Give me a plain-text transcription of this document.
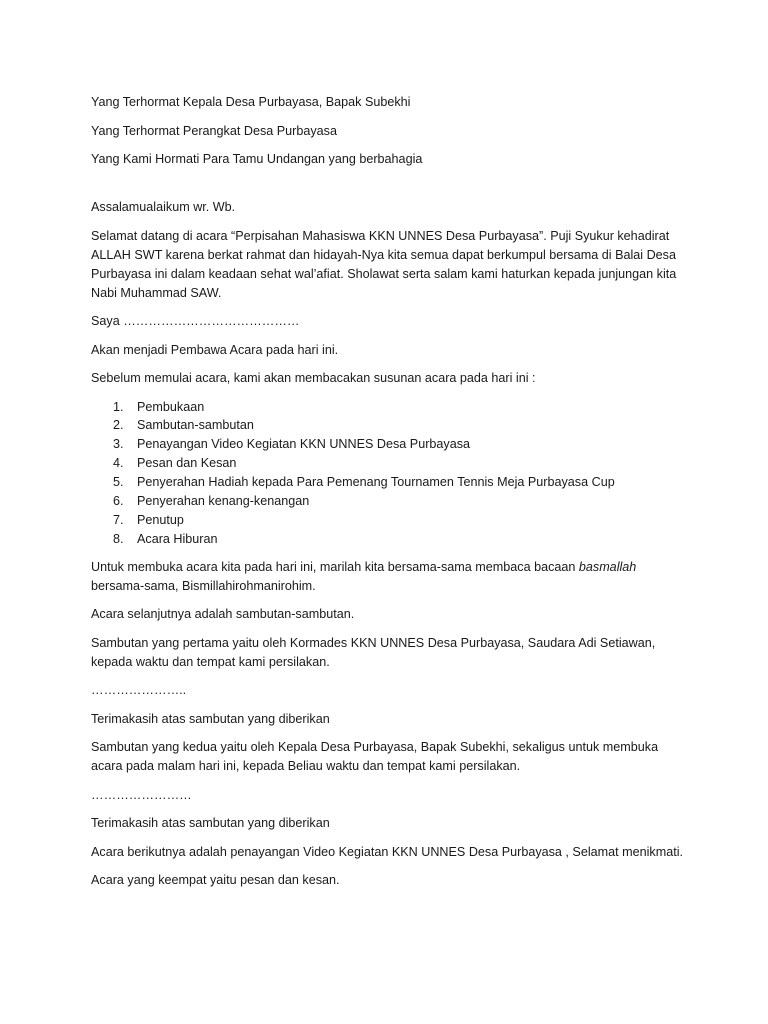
Yang Terhormat Kepala Desa Purbayasa, Bapak Subekhi

Yang Terhormat Perangkat Desa Purbayasa

Yang Kami Hormati Para Tamu Undangan yang berbahagia

Assalamualaikum wr. Wb.

Selamat datang di acara “Perpisahan Mahasiswa KKN UNNES Desa Purbayasa”. Puji Syukur kehadirat ALLAH SWT karena berkat rahmat dan hidayah-Nya kita semua dapat berkumpul bersama di Balai Desa Purbayasa ini dalam keadaan sehat wal’afiat. Sholawat serta salam kami haturkan kepada junjungan kita Nabi Muhammad SAW.

Saya ……………………………………

Akan menjadi Pembawa Acara pada hari ini.

Sebelum memulai acara, kami akan membacakan susunan acara pada hari ini :

1. Pembukaan
2. Sambutan-sambutan
3. Penayangan Video Kegiatan KKN UNNES Desa Purbayasa
4. Pesan dan Kesan
5. Penyerahan Hadiah kepada Para Pemenang Tournamen Tennis Meja Purbayasa Cup
6. Penyerahan kenang-kenangan
7. Penutup
8. Acara Hiburan

Untuk membuka acara kita pada hari ini, marilah kita bersama-sama membaca bacaan basmallah bersama-sama, Bismillahirohmanirohim.

Acara selanjutnya adalah sambutan-sambutan.

Sambutan yang pertama yaitu oleh Kormades KKN UNNES Desa Purbayasa, Saudara Adi Setiawan, kepada waktu dan tempat kami persilakan.

…………………..

Terimakasih atas sambutan yang diberikan

Sambutan yang kedua yaitu oleh Kepala Desa Purbayasa, Bapak Subekhi, sekaligus untuk membuka acara pada malam hari ini, kepada Beliau waktu dan tempat kami persilakan.

……………………

Terimakasih atas sambutan yang diberikan

Acara berikutnya adalah penayangan Video Kegiatan KKN UNNES Desa Purbayasa , Selamat menikmati.

Acara yang keempat yaitu pesan dan kesan.
